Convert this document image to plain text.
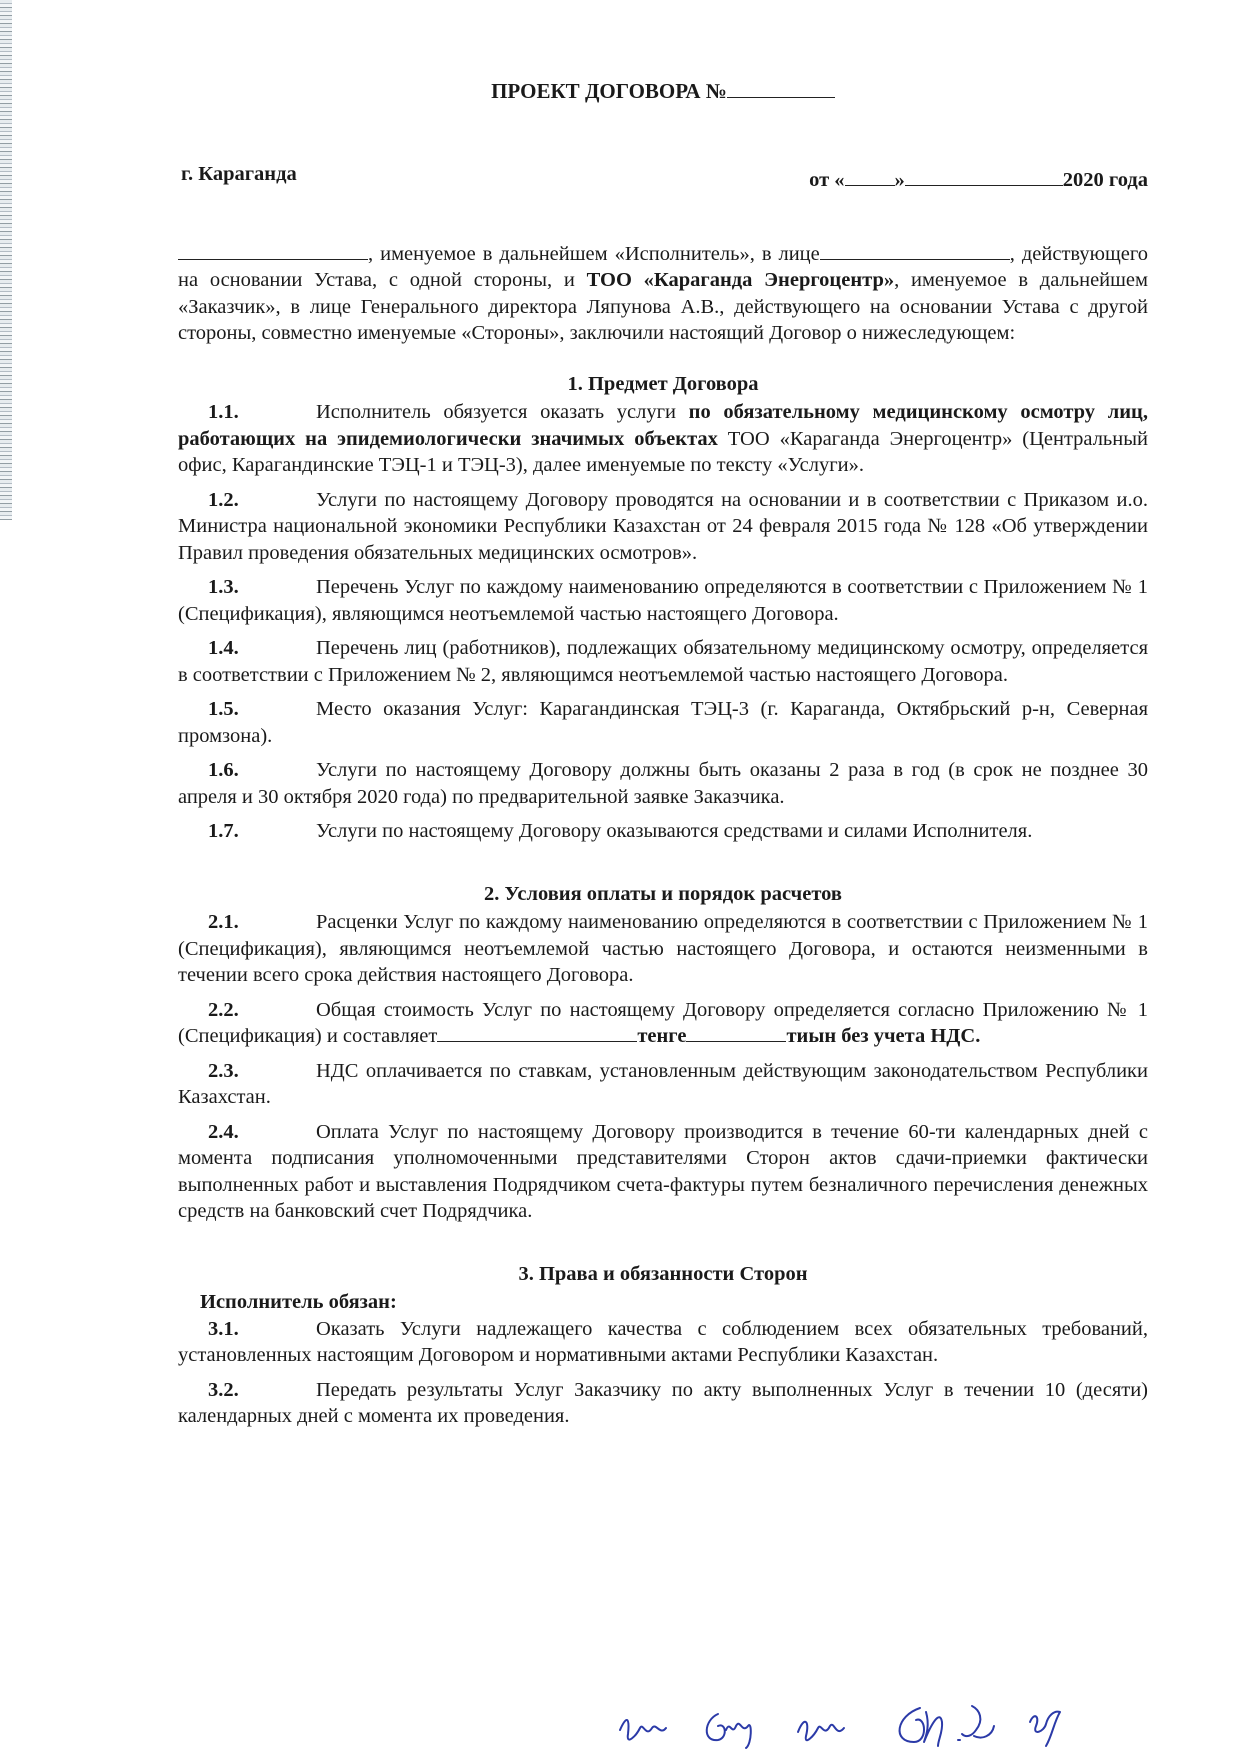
ПРОЕКТ ДОГОВОРА №
г. Караганда	от « »	2020 года

, именуемое в дальнейшем «Исполнитель», в лице	, действующего на основании Устава, с одной стороны, и ТОО «Караганда Энергоцентр», именуемое в дальнейшем «Заказчик», в лице Генерального директора Ляпунова А.В., действующего на основании Устава с другой стороны, совместно именуемые «Стороны», заключили настоящий Договор о нижеследующем:

1. Предмет Договора

1.1.	Исполнитель обязуется оказать услуги по обязательному медицинскому осмотру лиц, работающих на эпидемиологически значимых объектах ТОО «Караганда Энергоцентр» (Центральный офис, Карагандинские ТЭЦ-1 и ТЭЦ-3), далее именуемые по тексту «Услуги».

1.2.	Услуги по настоящему Договору проводятся на основании и в соответствии с Приказом и.о. Министра национальной экономики Республики Казахстан от 24 февраля 2015 года № 128 «Об утверждении Правил проведения обязательных медицинских осмотров».

1.3.	Перечень Услуг по каждому наименованию определяются в соответствии с Приложением № 1 (Спецификация), являющимся неотъемлемой частью настоящего Договора.

1.4.	Перечень лиц (работников), подлежащих обязательному медицинскому осмотру, определяется в соответствии с Приложением № 2, являющимся неотъемлемой частью настоящего Договора.

1.5.	Место оказания Услуг: Карагандинская ТЭЦ-3 (г. Караганда, Октябрьский р-н, Северная промзона).

1.6.	Услуги по настоящему Договору должны быть оказаны 2 раза в год (в срок не позднее 30 апреля и 30 октября 2020 года) по предварительной заявке Заказчика.

1.7.	Услуги по настоящему Договору оказываются средствами и силами Исполнителя.

2. Условия оплаты и порядок расчетов

2.1.	Расценки Услуг по каждому наименованию определяются в соответствии с Приложением № 1 (Спецификация), являющимся неотъемлемой частью настоящего Договора, и остаются неизменными в течении всего срока действия настоящего Договора.

2.2.	Общая стоимость Услуг по настоящему Договору определяется согласно Приложению № 1 (Спецификация) и составляет	тенге	тиын без учета НДС.

2.3.	НДС оплачивается по ставкам, установленным действующим законодательством Республики Казахстан.

2.4.	Оплата Услуг по настоящему Договору производится в течение 60-ти календарных дней с момента подписания уполномоченными представителями Сторон актов сдачи-приемки фактически выполненных работ и выставления Подрядчиком счета-фактуры путем безналичного перечисления денежных средств на банковский счет Подрядчика.

3. Права и обязанности Сторон

Исполнитель обязан:

3.1.	Оказать Услуги надлежащего качества с соблюдением всех обязательных требований, установленных настоящим Договором и нормативными актами Республики Казахстан.

3.2.	Передать результаты Услуг Заказчику по акту выполненных Услуг в течении 10 (десяти) календарных дней с момента их проведения.
